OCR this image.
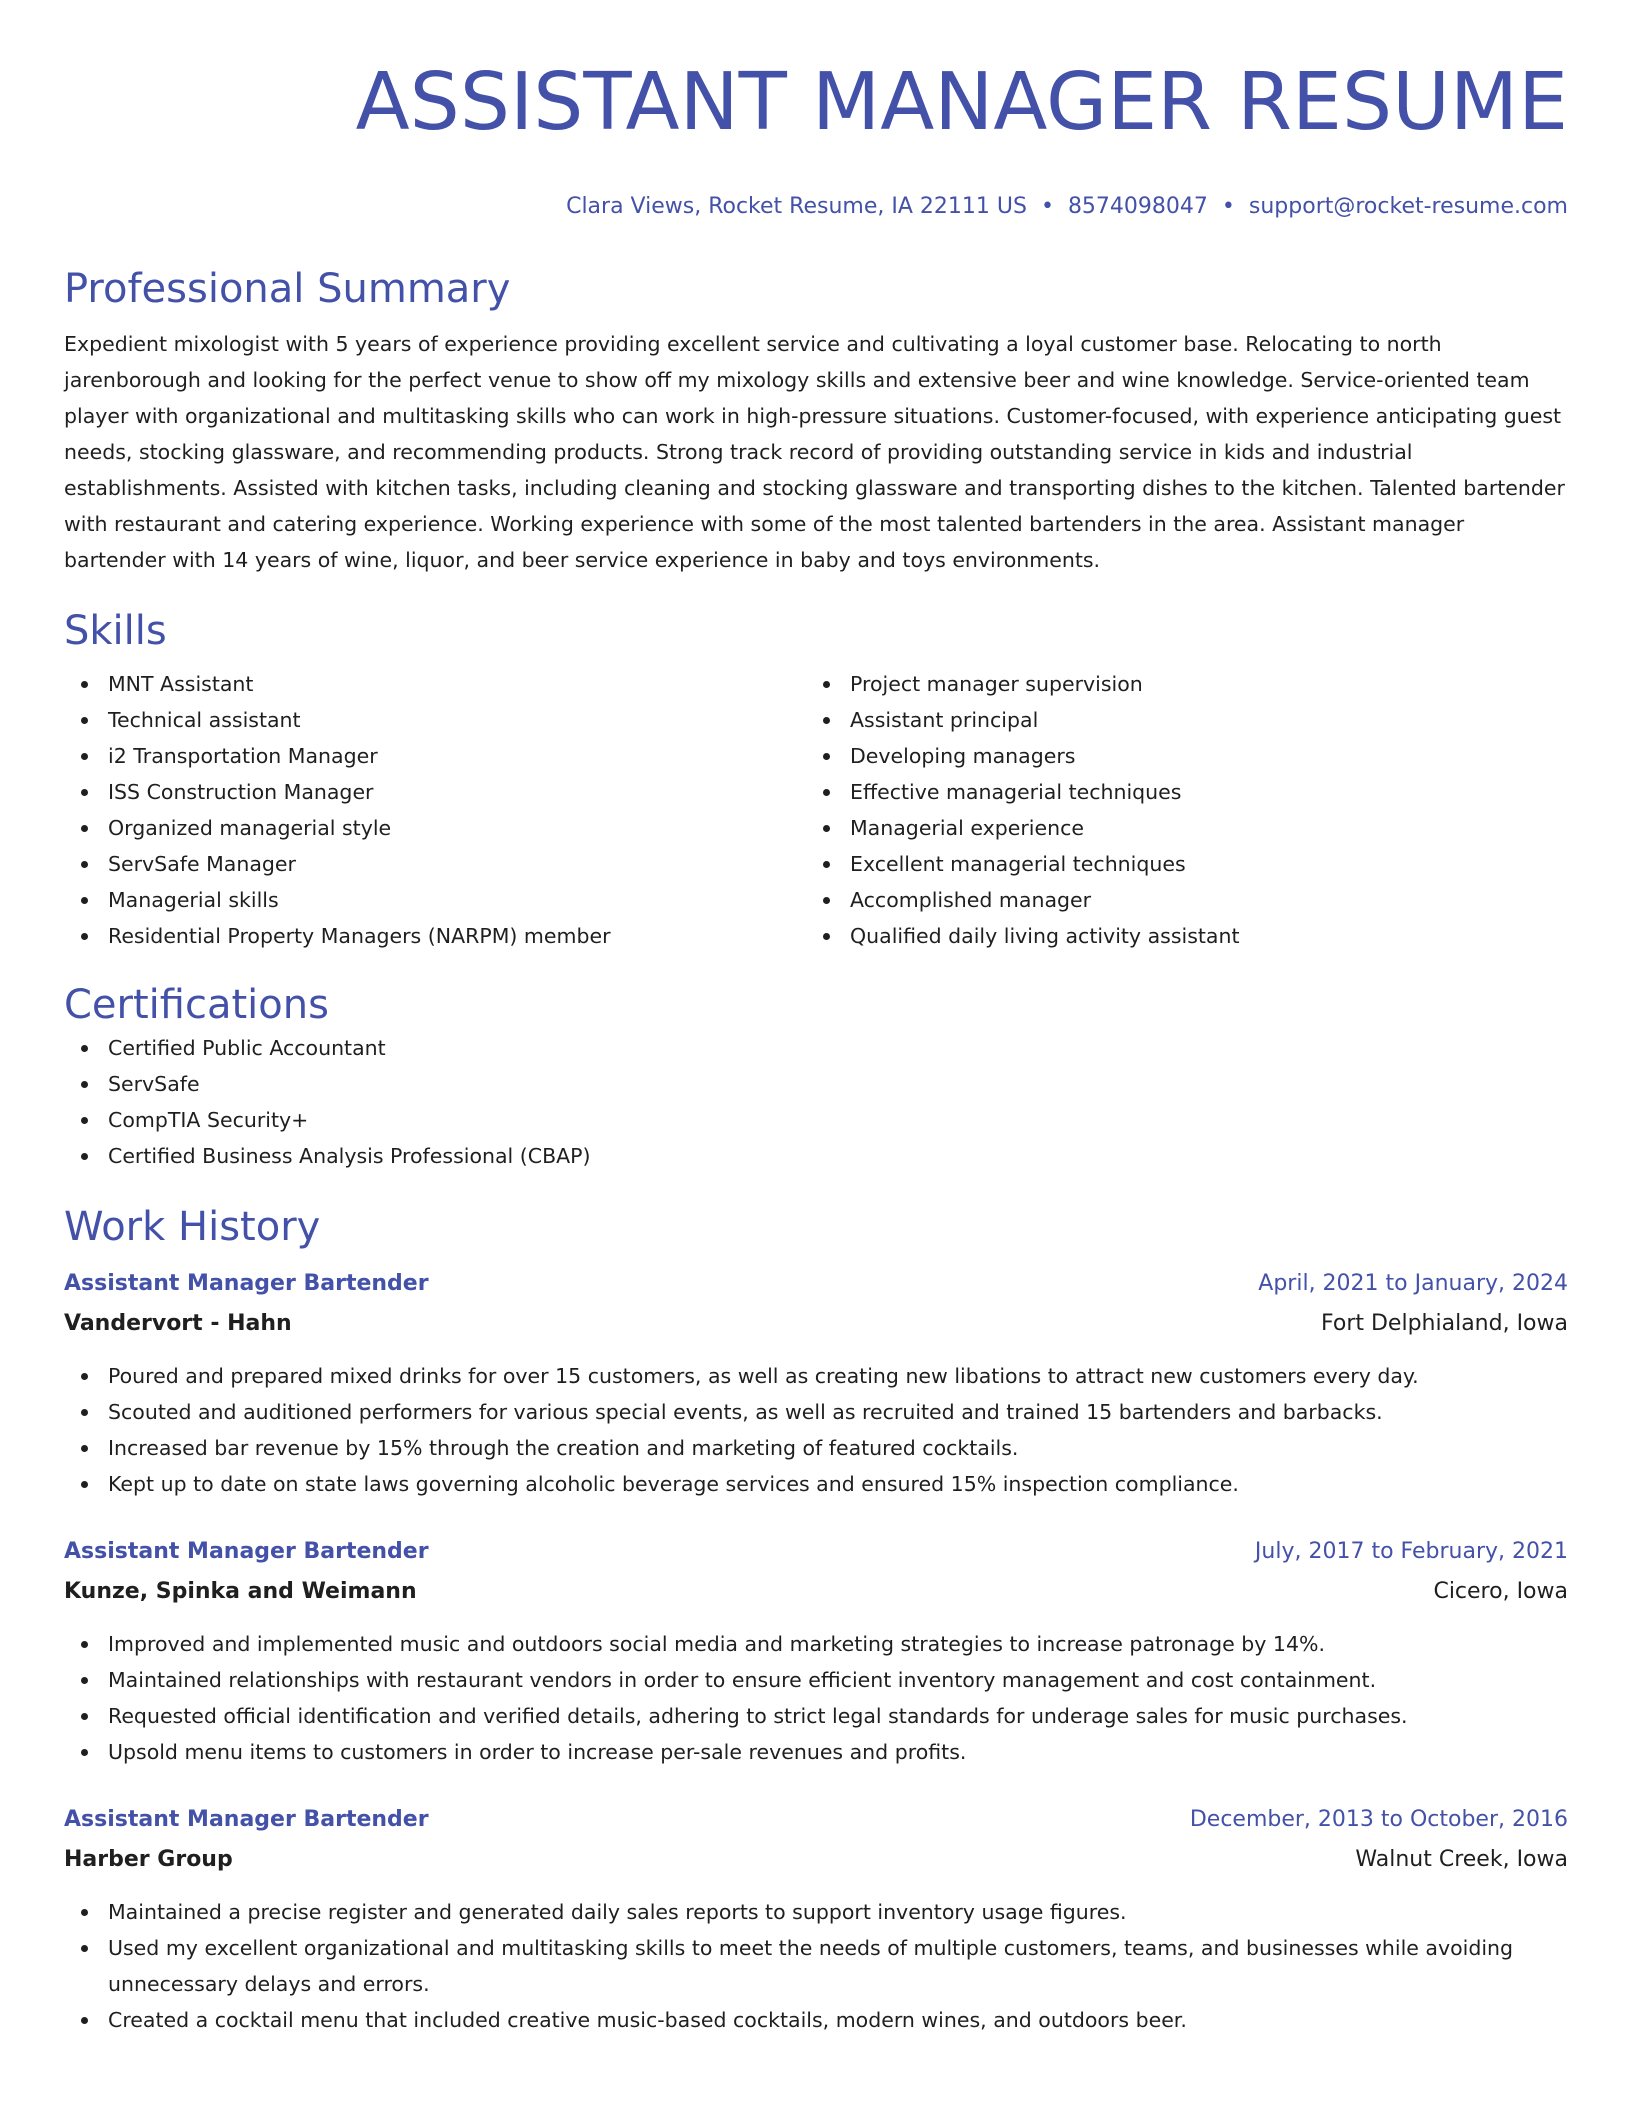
ASSISTANT MANAGER RESUME
Clara Views, Rocket Resume, IA 22111 US • 8574098047 • support@rocket-resume.com
Professional Summary
Expedient mixologist with 5 years of experience providing excellent service and cultivating a loyal customer base. Relocating to north jarenborough and looking for the perfect venue to show off my mixology skills and extensive beer and wine knowledge. Service-oriented team player with organizational and multitasking skills who can work in high-pressure situations. Customer-focused, with experience anticipating guest needs, stocking glassware, and recommending products. Strong track record of providing outstanding service in kids and industrial establishments. Assisted with kitchen tasks, including cleaning and stocking glassware and transporting dishes to the kitchen. Talented bartender with restaurant and catering experience. Working experience with some of the most talented bartenders in the area. Assistant manager bartender with 14 years of wine, liquor, and beer service experience in baby and toys environments.
Skills
MNT Assistant
Technical assistant
i2 Transportation Manager
ISS Construction Manager
Organized managerial style
ServSafe Manager
Managerial skills
Residential Property Managers (NARPM) member
Project manager supervision
Assistant principal
Developing managers
Effective managerial techniques
Managerial experience
Excellent managerial techniques
Accomplished manager
Qualified daily living activity assistant
Certifications
Certified Public Accountant
ServSafe
CompTIA Security+
Certified Business Analysis Professional (CBAP)
Work History
Assistant Manager Bartender	April, 2021 to January, 2024
Vandervort - Hahn	Fort Delphialand, Iowa
Poured and prepared mixed drinks for over 15 customers, as well as creating new libations to attract new customers every day.
Scouted and auditioned performers for various special events, as well as recruited and trained 15 bartenders and barbacks.
Increased bar revenue by 15% through the creation and marketing of featured cocktails.
Kept up to date on state laws governing alcoholic beverage services and ensured 15% inspection compliance.
Assistant Manager Bartender	July, 2017 to February, 2021
Kunze, Spinka and Weimann	Cicero, Iowa
Improved and implemented music and outdoors social media and marketing strategies to increase patronage by 14%.
Maintained relationships with restaurant vendors in order to ensure efficient inventory management and cost containment.
Requested official identification and verified details, adhering to strict legal standards for underage sales for music purchases.
Upsold menu items to customers in order to increase per-sale revenues and profits.
Assistant Manager Bartender	December, 2013 to October, 2016
Harber Group	Walnut Creek, Iowa
Maintained a precise register and generated daily sales reports to support inventory usage figures.
Used my excellent organizational and multitasking skills to meet the needs of multiple customers, teams, and businesses while avoiding unnecessary delays and errors.
Created a cocktail menu that included creative music-based cocktails, modern wines, and outdoors beer.
